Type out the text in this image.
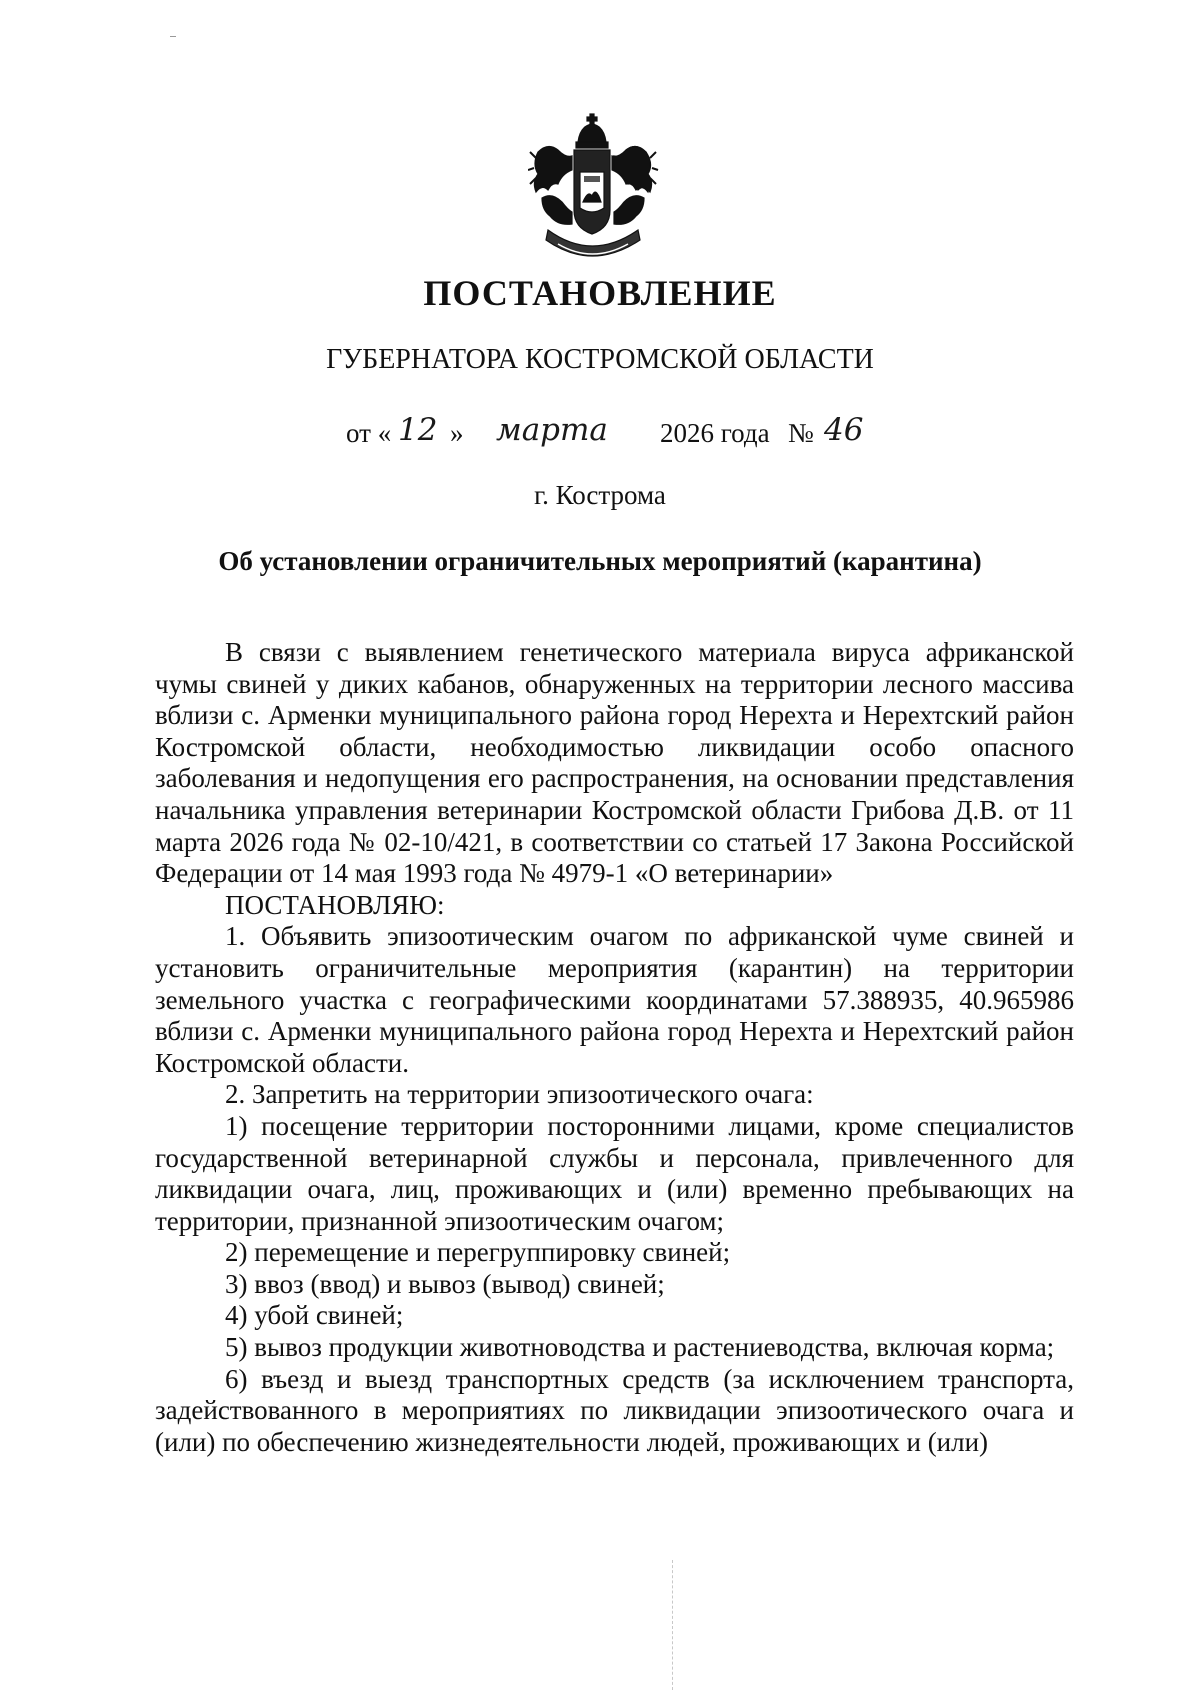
ПОСТАНОВЛЕНИЕ
ГУБЕРНАТОРА КОСТРОМСКОЙ ОБЛАСТИ
от « 12 » марта 2026 года № 46
г. Кострома
Об установлении ограничительных мероприятий (карантина)

В связи с выявлением генетического материала вируса африканской чумы свиней у диких кабанов, обнаруженных на территории лесного массива вблизи с. Арменки муниципального района город Нерехта и Нерехтский район Костромской области, необходимостью ликвидации особо опасного заболевания и недопущения его распространения, на основании представления начальника управления ветеринарии Костромской области Грибова Д.В. от 11 марта 2026 года № 02-10/421, в соответствии со статьей 17 Закона Российской Федерации от 14 мая 1993 года № 4979-1 «О ветеринарии»

ПОСТАНОВЛЯЮ:

1. Объявить эпизоотическим очагом по африканской чуме свиней и установить ограничительные мероприятия (карантин) на территории земельного участка с географическими координатами 57.388935, 40.965986 вблизи с. Арменки муниципального района город Нерехта и Нерехтский район Костромской области.

2. Запретить на территории эпизоотического очага:

1) посещение территории посторонними лицами, кроме специалистов государственной ветеринарной службы и персонала, привлеченного для ликвидации очага, лиц, проживающих и (или) временно пребывающих на территории, признанной эпизоотическим очагом;

2) перемещение и перегруппировку свиней;

3) ввоз (ввод) и вывоз (вывод) свиней;

4) убой свиней;

5) вывоз продукции животноводства и растениеводства, включая корма;

6) въезд и выезд транспортных средств (за исключением транспорта, задействованного в мероприятиях по ликвидации эпизоотического очага и (или) по обеспечению жизнедеятельности людей, проживающих и (или)
